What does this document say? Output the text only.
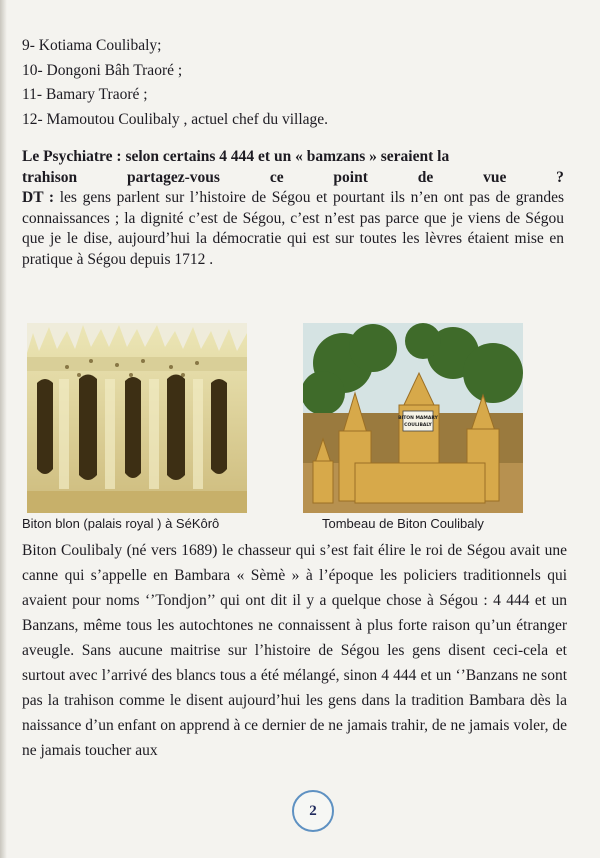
9- Kotiama Coulibaly;
10- Dongoni Bâh Traoré ;
11- Bamary Traoré ;
12- Mamoutou Coulibaly , actuel chef du village.
Le Psychiatre : selon certains 4 444 et un « bamzans » seraient la
trahison	partagez-vous	ce	point	de	vue	?
DT : les gens parlent sur l’histoire de Ségou et pourtant ils n’en ont pas de grandes connaissances ; la dignité c’est de Ségou, c’est n’est pas parce que je viens de Ségou que je le dise, aujourd’hui la démocratie qui est sur toutes les lèvres étaient mise en pratique à Ségou depuis 1712 .
Biton blon (palais royal ) à SéKôrô
BITON MAMARY
COULIBALY
Tombeau de Biton Coulibaly
Biton Coulibaly (né vers 1689) le chasseur qui s’est fait élire le roi de Ségou avait une canne qui s’appelle en Bambara « Sèmè » à l’époque les policiers traditionnels qui avaient pour noms ‘’Tondjon’’ qui ont dit il y a quelque chose à Ségou : 4 444 et un Banzans, même tous les autochtones ne connaissent à plus forte raison qu’un étranger aveugle. Sans aucune maitrise sur l’histoire de Ségou les gens disent ceci-cela et surtout avec l’arrivé des blancs tous a été mélangé, sinon 4 444 et un ‘’Banzans ne sont pas la trahison comme le disent aujourd’hui les gens dans la tradition Bambara dès la naissance d’un enfant on apprend à ce dernier de ne jamais trahir, de ne jamais voler, de ne jamais toucher aux
2
